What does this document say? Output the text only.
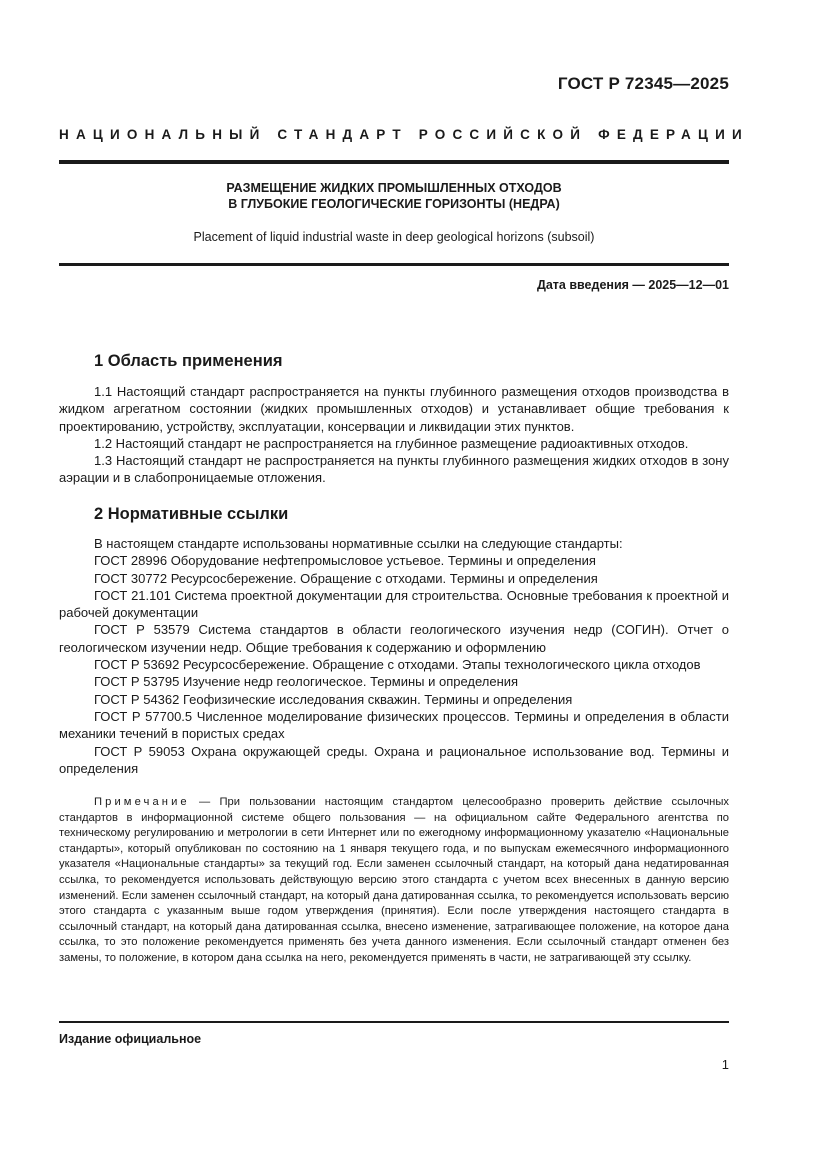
ГОСТ Р 72345—2025
НАЦИОНАЛЬНЫЙ СТАНДАРТ РОССИЙСКОЙ ФЕДЕРАЦИИ
РАЗМЕЩЕНИЕ ЖИДКИХ ПРОМЫШЛЕННЫХ ОТХОДОВ
В ГЛУБОКИЕ ГЕОЛОГИЧЕСКИЕ ГОРИЗОНТЫ (НЕДРА)
Placement of liquid industrial waste in deep geological horizons (subsoil)
Дата введения — 2025—12—01
1 Область применения

1.1 Настоящий стандарт распространяется на пункты глубинного размещения отходов производства в жидком агрегатном состоянии (жидких промышленных отходов) и устанавливает общие требования к проектированию, устройству, эксплуатации, консервации и ликвидации этих пунктов.

1.2 Настоящий стандарт не распространяется на глубинное размещение радиоактивных отходов.

1.3 Настоящий стандарт не распространяется на пункты глубинного размещения жидких отходов в зону аэрации и в слабопроницаемые отложения.

2 Нормативные ссылки

В настоящем стандарте использованы нормативные ссылки на следующие стандарты:

ГОСТ 28996 Оборудование нефтепромысловое устьевое. Термины и определения

ГОСТ 30772 Ресурсосбережение. Обращение с отходами. Термины и определения

ГОСТ 21.101 Система проектной документации для строительства. Основные требования к проектной и рабочей документации

ГОСТ Р 53579 Система стандартов в области геологического изучения недр (СОГИН). Отчет о геологическом изучении недр. Общие требования к содержанию и оформлению

ГОСТ Р 53692 Ресурсосбережение. Обращение с отходами. Этапы технологического цикла отходов

ГОСТ Р 53795 Изучение недр геологическое. Термины и определения

ГОСТ Р 54362 Геофизические исследования скважин. Термины и определения

ГОСТ Р 57700.5 Численное моделирование физических процессов. Термины и определения в области механики течений в пористых средах

ГОСТ Р 59053 Охрана окружающей среды. Охрана и рациональное использование вод. Термины и определения

Примечание — При пользовании настоящим стандартом целесообразно проверить действие ссылочных стандартов в информационной системе общего пользования — на официальном сайте Федерального агентства по техническому регулированию и метрологии в сети Интернет или по ежегодному информационному указателю «Национальные стандарты», который опубликован по состоянию на 1 января текущего года, и по выпускам ежемесячного информационного указателя «Национальные стандарты» за текущий год. Если заменен ссылочный стандарт, на который дана недатированная ссылка, то рекомендуется использовать действующую версию этого стандарта с учетом всех внесенных в данную версию изменений. Если заменен ссылочный стандарт, на который дана датированная ссылка, то рекомендуется использовать версию этого стандарта с указанным выше годом утверждения (принятия). Если после утверждения настоящего стандарта в ссылочный стандарт, на который дана датированная ссылка, внесено изменение, затрагивающее положение, на которое дана ссылка, то это положение рекомендуется применять без учета данного изменения. Если ссылочный стандарт отменен без замены, то положение, в котором дана ссылка на него, рекомендуется применять в части, не затрагивающей эту ссылку.

Издание официальное
1
